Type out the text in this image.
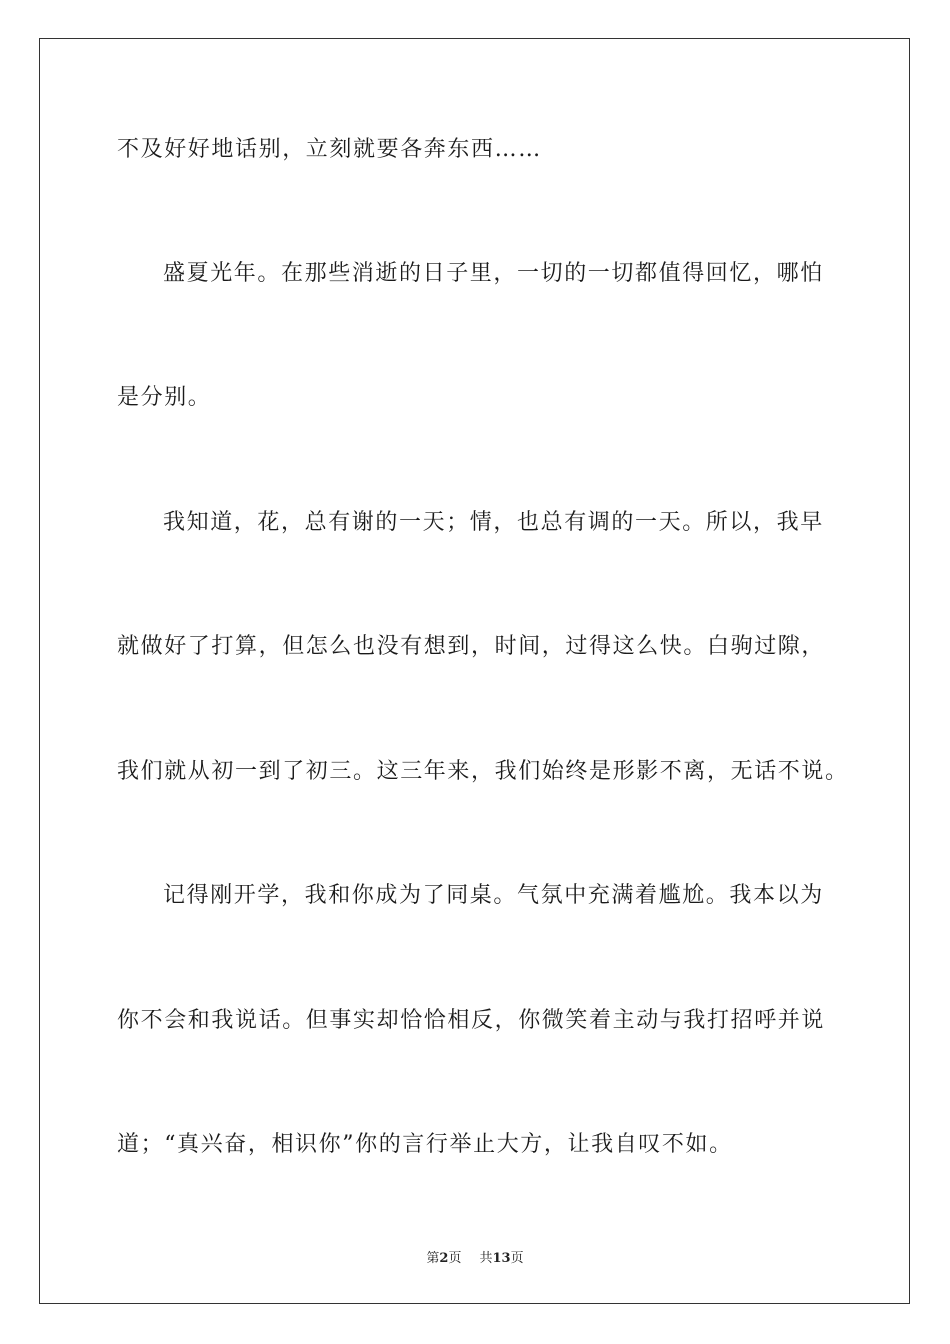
不及好好地话别，立刻就要各奔东西……
盛夏光年。在那些消逝的日子里，一切的一切都值得回忆，哪怕
是分别。
我知道，花，总有谢的一天；情，也总有调的一天。所以，我早
就做好了打算，但怎么也没有想到，时间，过得这么快。白驹过隙，
我们就从初一到了初三。这三年来，我们始终是形影不离，无话不说。
记得刚开学，我和你成为了同桌。气氛中充满着尴尬。我本以为
你不会和我说话。但事实却恰恰相反，你微笑着主动与我打招呼并说
道；“真兴奋，相识你”你的言行举止大方，让我自叹不如。
第2页 共13页
